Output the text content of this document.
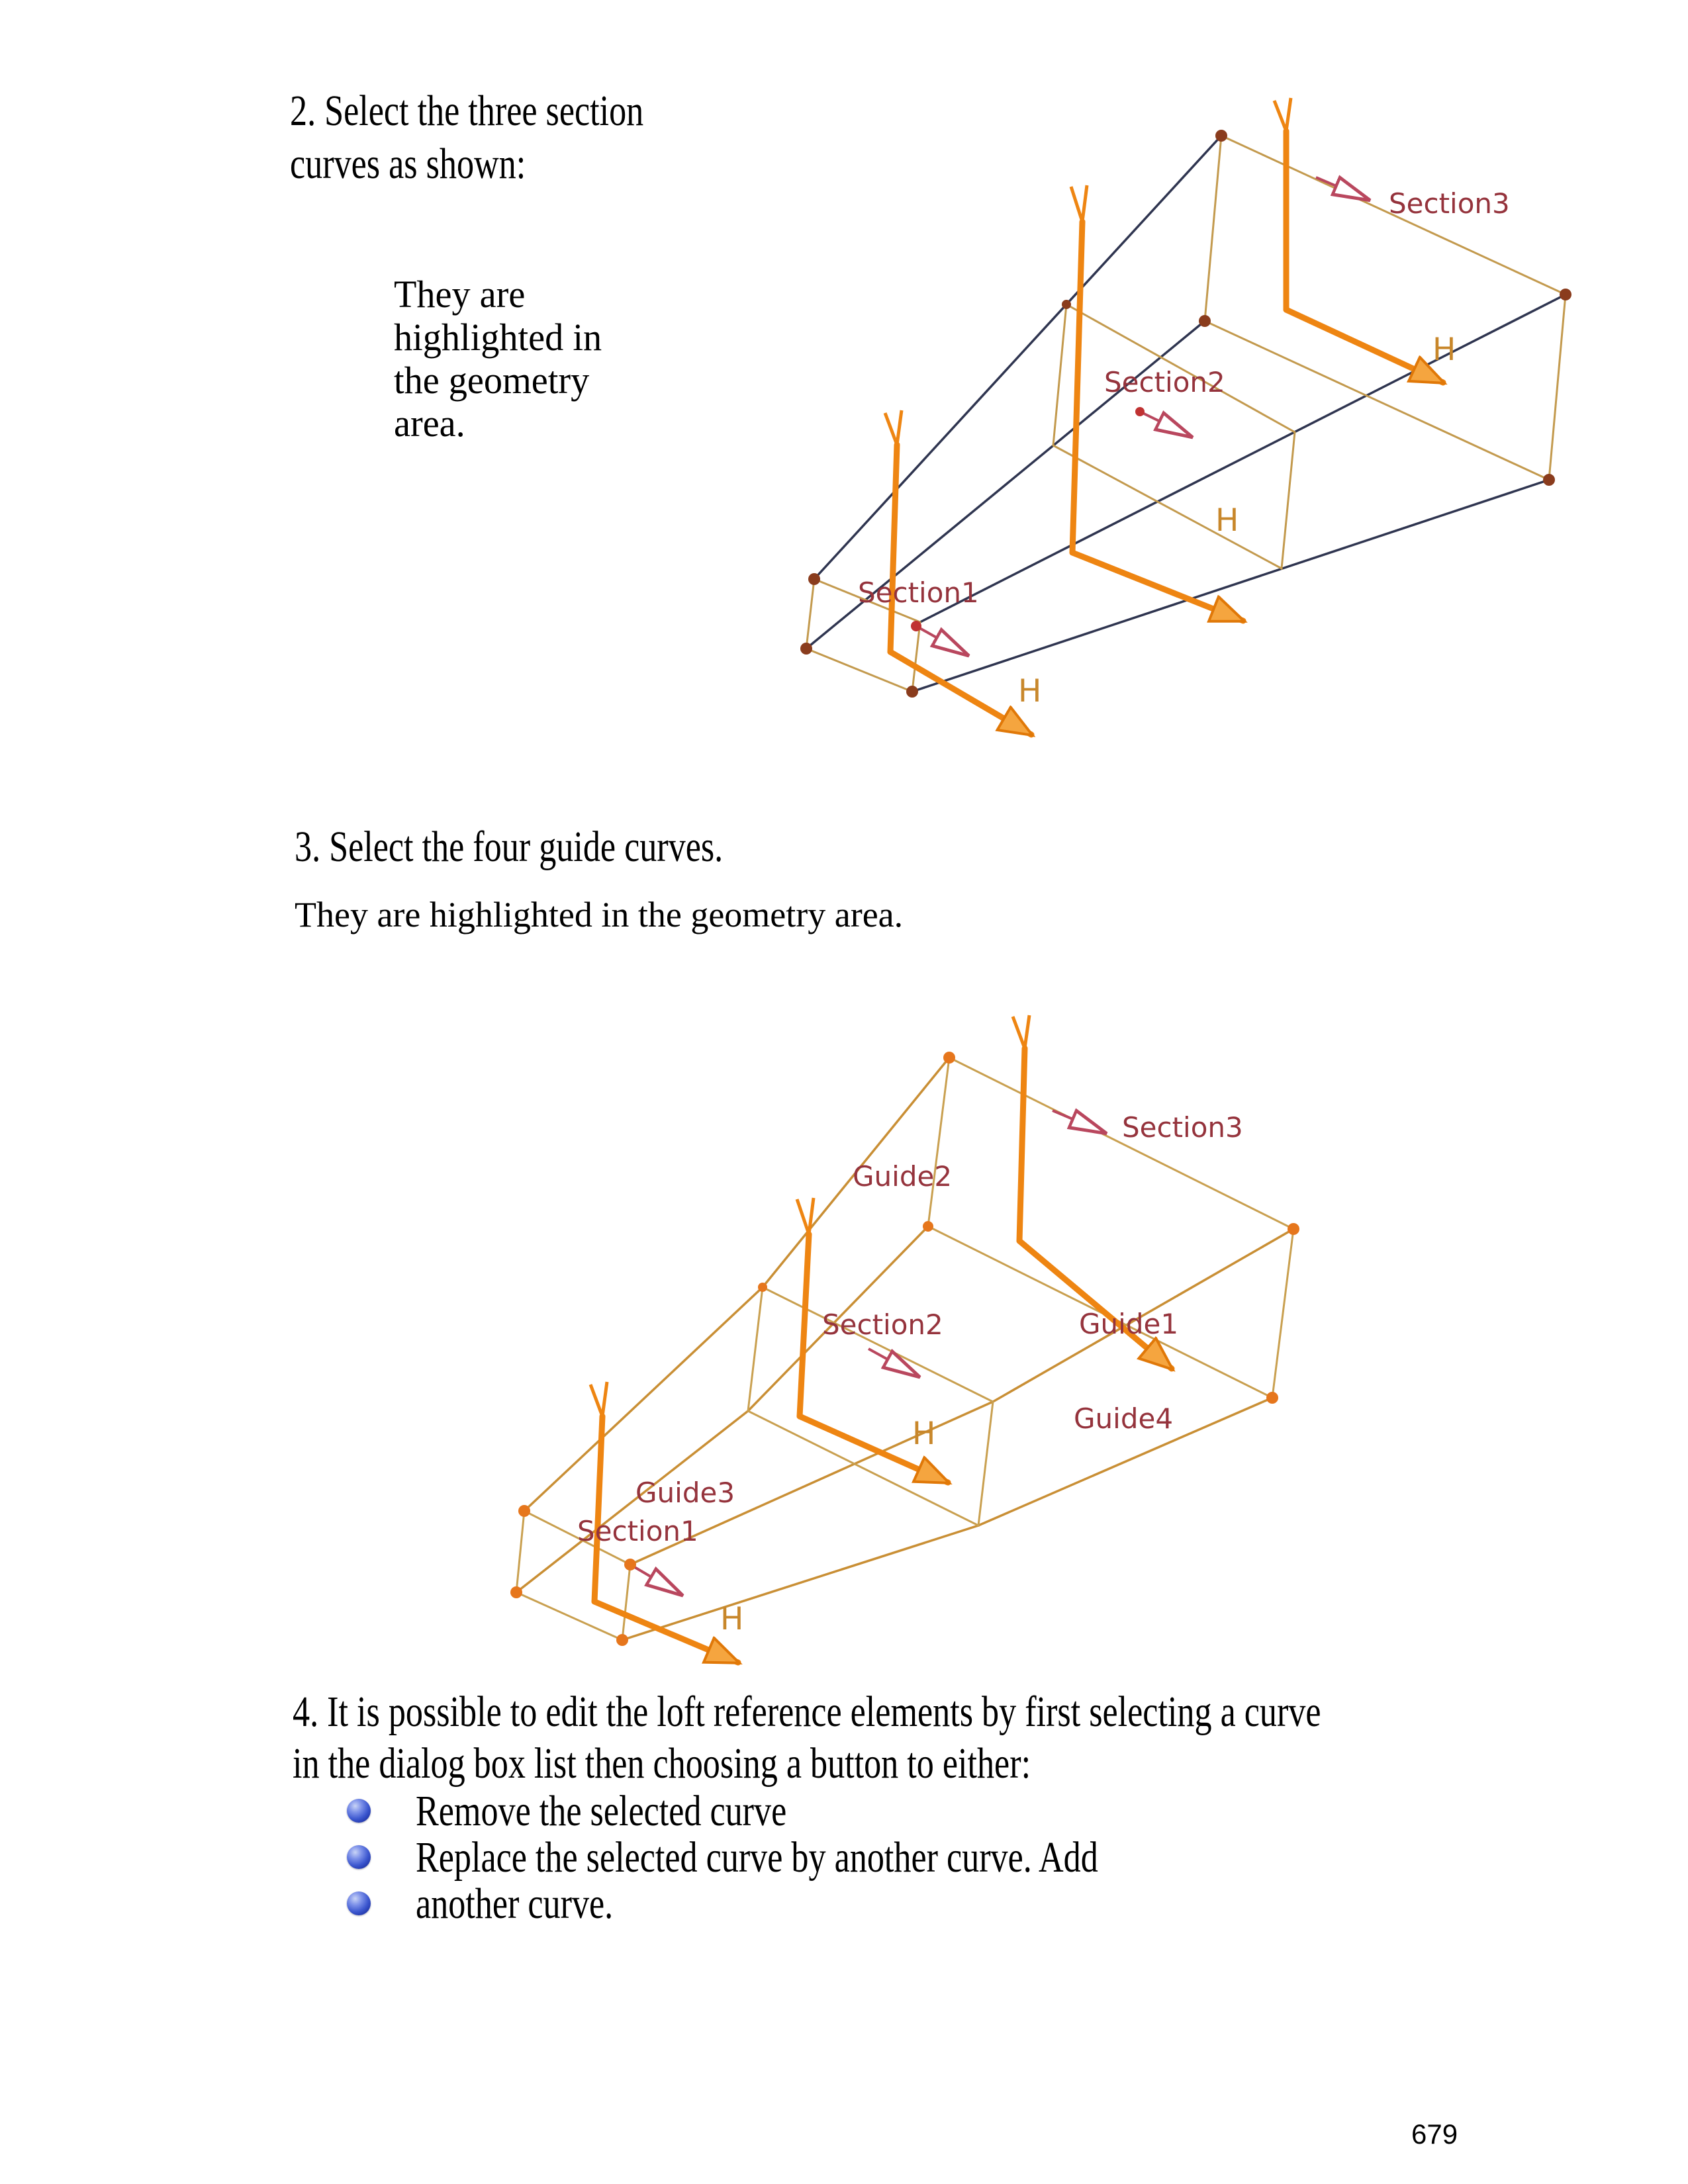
2. Select the three section
curves as shown:
They are
highlighted in
the geometry
area.
Section3
Section2
Section1
H
H
H
3. Select the four guide curves.
They are highlighted in the geometry area.
Guide2
Section3
Guide1
Section2
Guide4
Guide3
Section1
H
H
4. It is possible to edit the loft reference elements by first selecting a curve
in the dialog box list then choosing a button to either:
Remove the selected curve
Replace the selected curve by another curve. Add
another curve.
679
